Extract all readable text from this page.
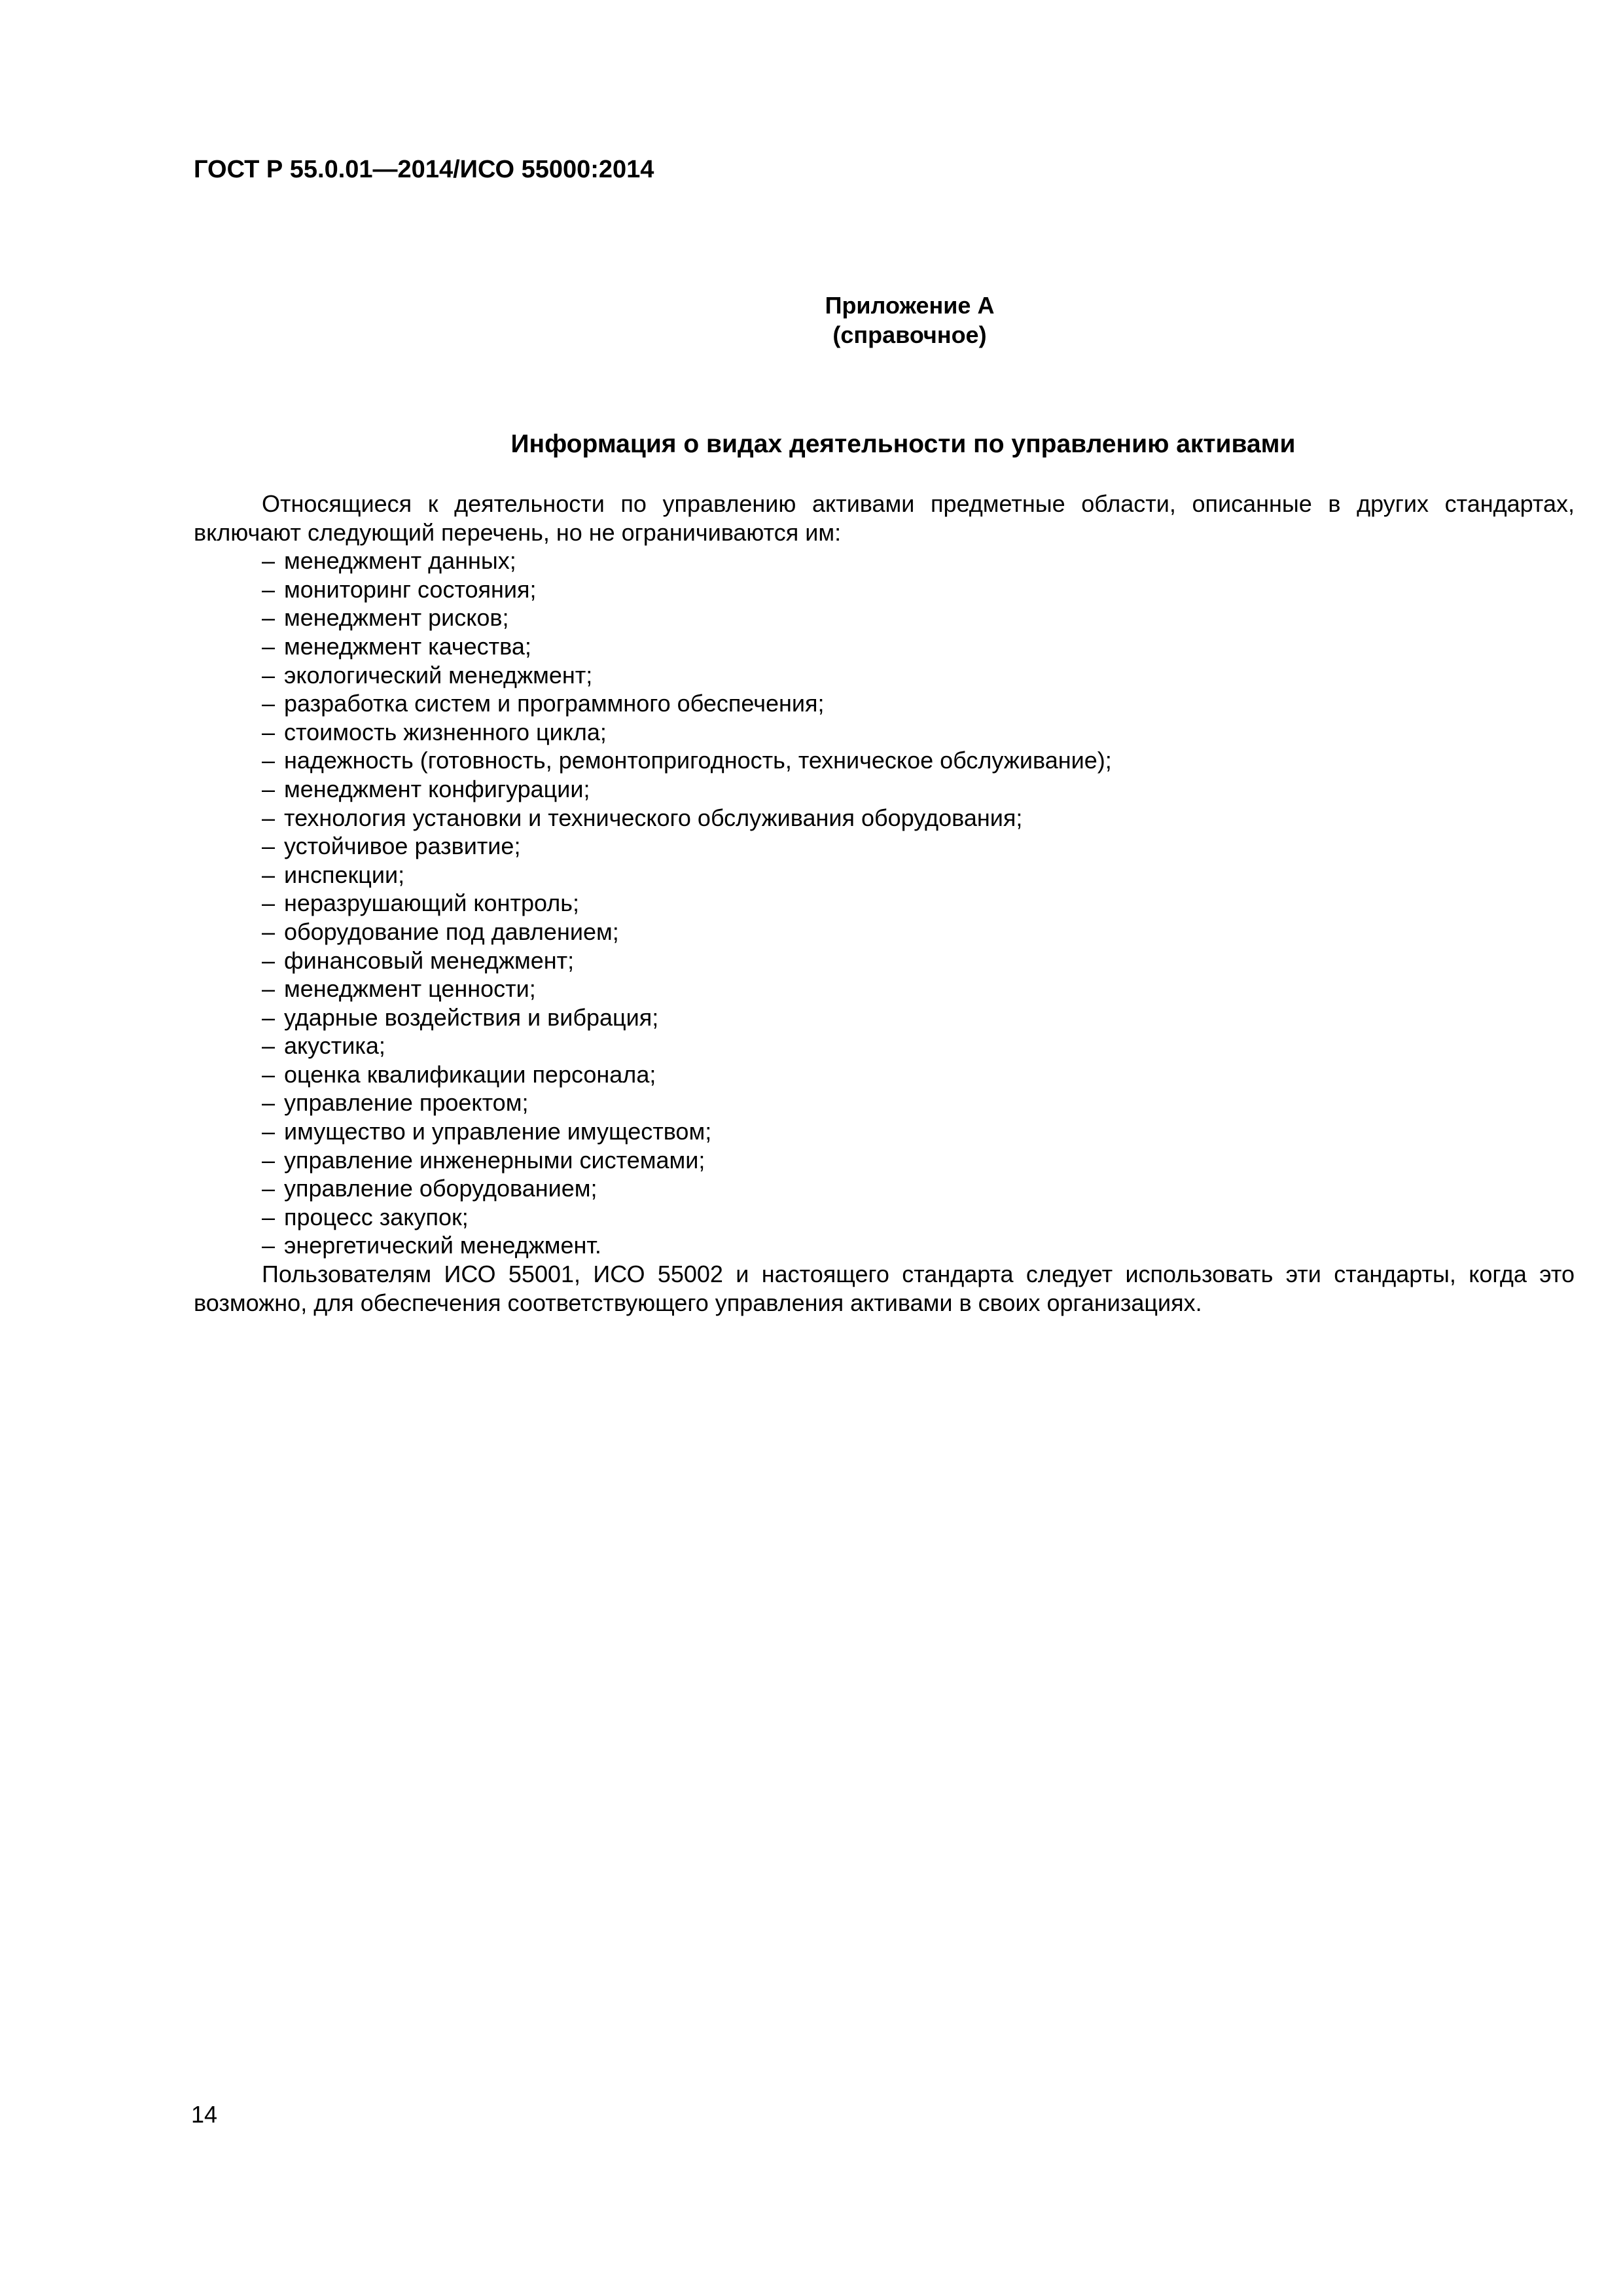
ГОСТ Р 55.0.01—2014/ИСО 55000:2014
Приложение А
(справочное)
Информация о видах деятельности по управлению активами

Относящиеся к деятельности по управлению активами предметные области, описанные в других стандартах, включают следующий перечень, но не ограничиваются им:

– менеджмент данных;
– мониторинг состояния;
– менеджмент рисков;
– менеджмент качества;
– экологический менеджмент;
– разработка систем и программного обеспечения;
– стоимость жизненного цикла;
– надежность (готовность, ремонтопригодность, техническое обслуживание);
– менеджмент конфигурации;
– технология установки и технического обслуживания оборудования;
– устойчивое развитие;
– инспекции;
– неразрушающий контроль;
– оборудование под давлением;
– финансовый менеджмент;
– менеджмент ценности;
– ударные воздействия и вибрация;
– акустика;
– оценка квалификации персонала;
– управление проектом;
– имущество и управление имуществом;
– управление инженерными системами;
– управление оборудованием;
– процесс закупок;
– энергетический менеджмент.

Пользователям ИСО 55001, ИСО 55002 и настоящего стандарта следует использовать эти стандарты, когда это возможно, для обеспечения соответствующего управления активами в своих организациях.

14
